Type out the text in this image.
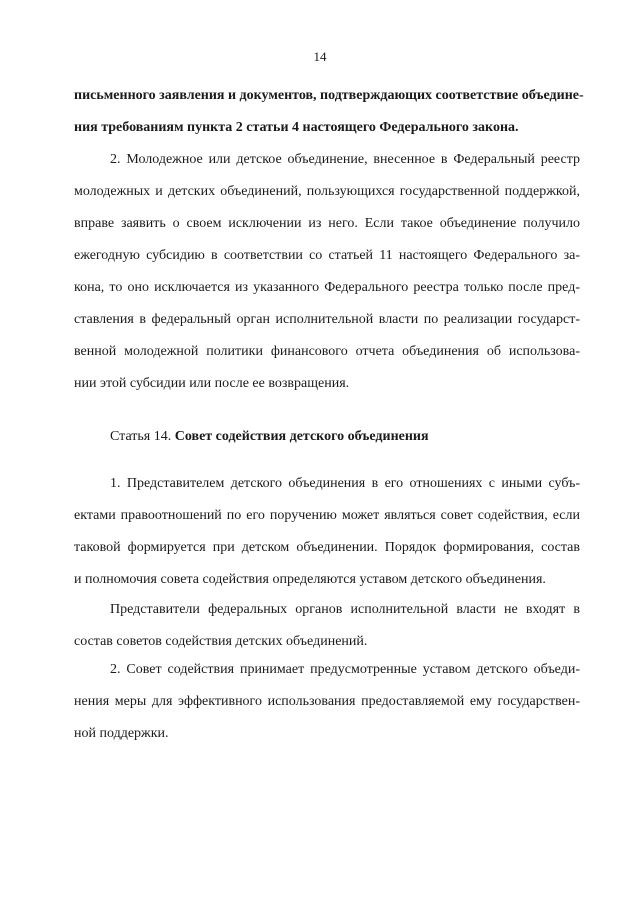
14
письменного заявления и документов, подтверждающих соответствие объедине-
ния требованиям пункта 2 статьи 4 настоящего Федерального закона.
2. Молодежное или детское объединение, внесенное в Федеральный реестр
молодежных и детских объединений, пользующихся государственной поддержкой,
вправе заявить о своем исключении из него. Если такое объединение получило
ежегодную субсидию в соответствии со статьей 11 настоящего Федерального за-
кона, то оно исключается из указанного Федерального реестра только после пред-
ставления в федеральный орган исполнительной власти по реализации государст-
венной молодежной политики финансового отчета объединения об использова-
нии этой субсидии или после ее возвращения.
Статья 14. Совет содействия детского объединения
1. Представителем детского объединения в его отношениях с иными субъ-
ектами правоотношений по его поручению может являться совет содействия, если
таковой формируется при детском объединении. Порядок формирования, состав
и полномочия совета содействия определяются уставом детского объединения.
Представители федеральных органов исполнительной власти не входят в
состав советов содействия детских объединений.
2. Совет содействия принимает предусмотренные уставом детского объеди-
нения меры для эффективного использования предоставляемой ему государствен-
ной поддержки.
